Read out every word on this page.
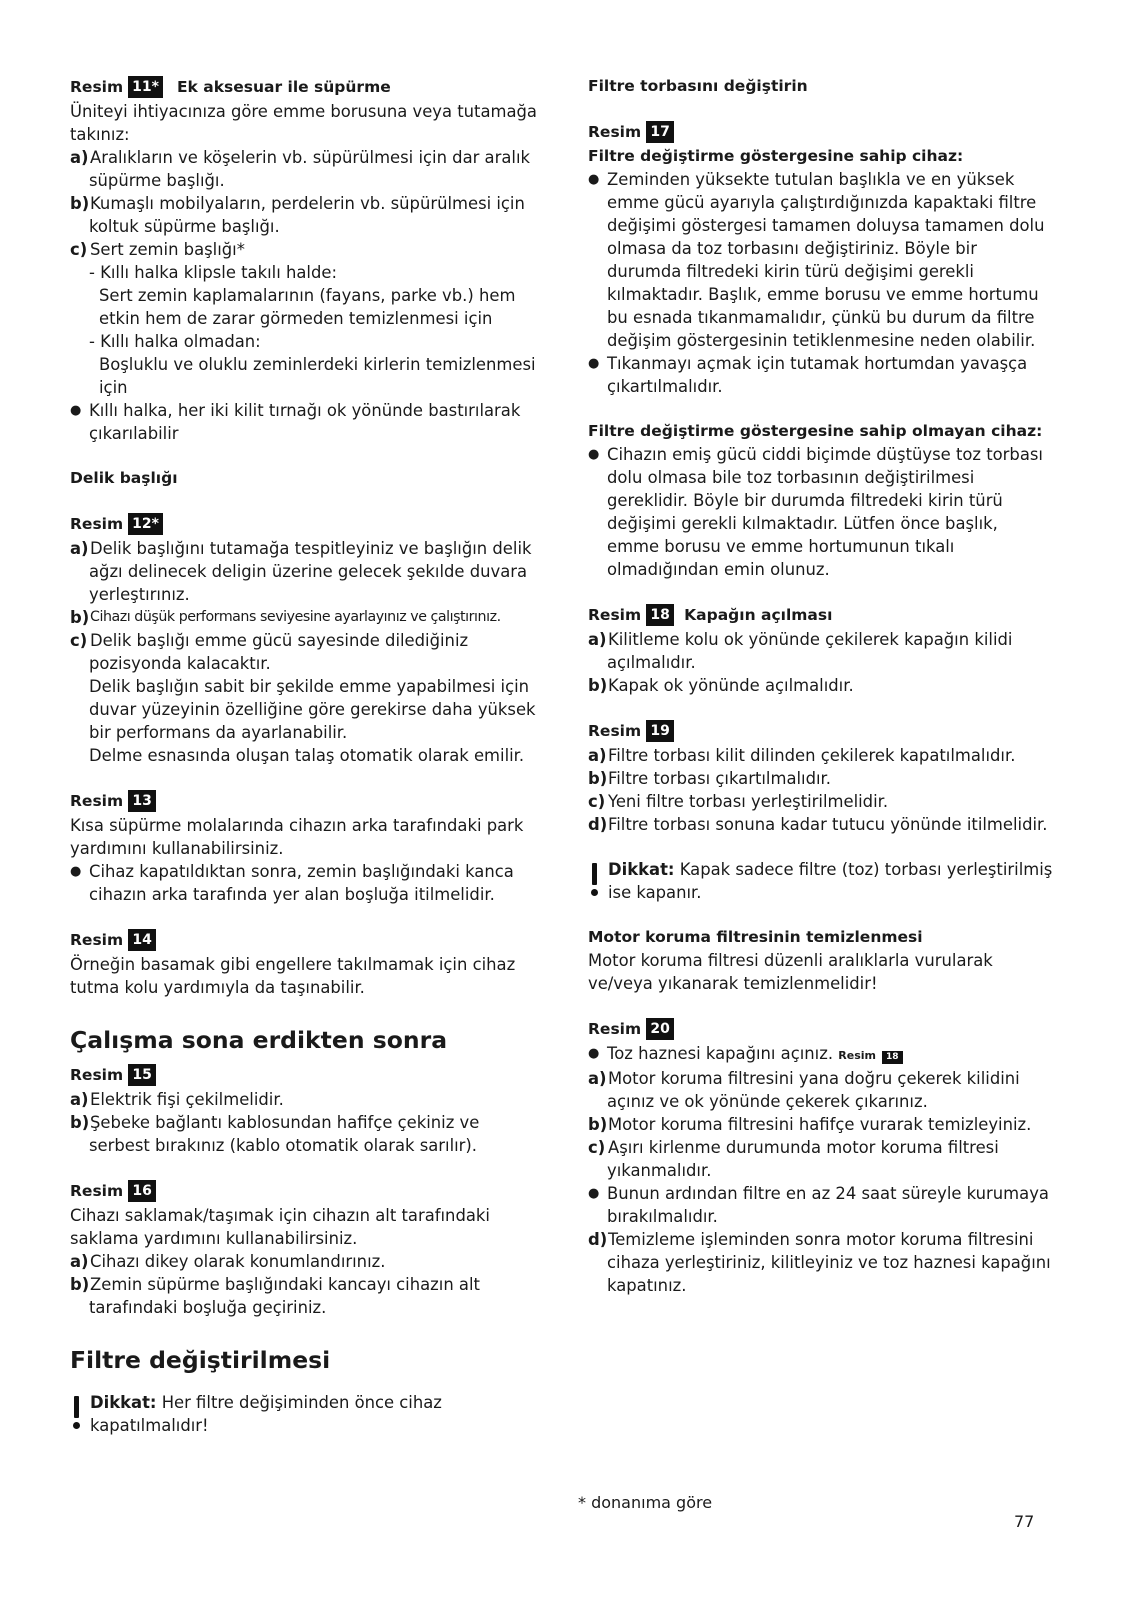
Resim 11* Ek aksesuar ile süpürme

Üniteyi ihtiyacınıza göre emme borusuna veya tutamağa

takınız:

a) Aralıkların ve köşelerin vb. süpürülmesi için dar aralık

süpürme başlığı.

b) Kumaşlı mobilyaların, perdelerin vb. süpürülmesi için

koltuk süpürme başlığı.

c) Sert zemin başlığı*

- Kıllı halka klipsle takılı halde:

Sert zemin kaplamalarının (fayans, parke vb.) hem

etkin hem de zarar görmeden temizlenmesi için

- Kıllı halka olmadan:

Boşluklu ve oluklu zeminlerdeki kirlerin temizlenmesi

için

● Kıllı halka, her iki kilit tırnağı ok yönünde bastırılarak

çıkarılabilir

Delik başlığı

Resim 12*
a) Delik başlığını tutamağa tespitleyiniz ve başlığın delik

ağzı delinecek deligin üzerine gelecek şekılde duvara

yerleştırınız.

b) Cihazı düşük performans seviyesine ayarlayınız ve çalıştırınız.
c) Delik başlığı emme gücü sayesinde dilediğiniz

pozisyonda kalacaktır.

Delik başlığın sabit bir şekilde emme yapabilmesi için

duvar yüzeyinin özelliğine göre gerekirse daha yüksek

bir performans da ayarlanabilir.

Delme esnasında oluşan talaş otomatik olarak emilir.

Resim 13

Kısa süpürme molalarında cihazın arka tarafındaki park

yardımını kullanabilirsiniz.

● Cihaz kapatıldıktan sonra, zemin başlığındaki kanca

cihazın arka tarafında yer alan boşluğa itilmelidir.

Resim 14

Örneğin basamak gibi engellere takılmamak için cihaz

tutma kolu yardımıyla da taşınabilir.

Çalışma sona erdikten sonra
Resim 15
a) Elektrik fişi çekilmelidir.
b) Şebeke bağlantı kablosundan hafifçe çekiniz ve

serbest bırakınız (kablo otomatik olarak sarılır).

Resim 16

Cihazı saklamak/taşımak için cihazın alt tarafındaki

saklama yardımını kullanabilirsiniz.

a) Cihazı dikey olarak konumlandırınız.
b) Zemin süpürme başlığındaki kancayı cihazın alt

tarafındaki boşluğa geçiriniz.

Filtre değiştirilmesi

Dikkat: Her filtre değişiminden önce cihaz

kapatılmalıdır!

Filtre torbasını değiştirin

Resim 17

Filtre değiştirme göstergesine sahip cihaz:

● Zeminden yüksekte tutulan başlıkla ve en yüksek

emme gücü ayarıyla çalıştırdığınızda kapaktaki filtre

değişimi göstergesi tamamen doluysa tamamen dolu

olmasa da toz torbasını değiştiriniz. Böyle bir

durumda filtredeki kirin türü değişimi gerekli

kılmaktadır. Başlık, emme borusu ve emme hortumu

bu esnada tıkanmamalıdır, çünkü bu durum da filtre

değişim göstergesinin tetiklenmesine neden olabilir.

● Tıkanmayı açmak için tutamak hortumdan yavaşça

çıkartılmalıdır.

Filtre değiştirme göstergesine sahip olmayan cihaz:

● Cihazın emiş gücü ciddi biçimde düştüyse toz torbası

dolu olmasa bile toz torbasının değiştirilmesi

gereklidir. Böyle bir durumda filtredeki kirin türü

değişimi gerekli kılmaktadır. Lütfen önce başlık,

emme borusu ve emme hortumunun tıkalı

olmadığından emin olunuz.

Resim 18 Kapağın açılması
a) Kilitleme kolu ok yönünde çekilerek kapağın kilidi

açılmalıdır.

b) Kapak ok yönünde açılmalıdır.
Resim 19
a) Filtre torbası kilit dilinden çekilerek kapatılmalıdır.
b) Filtre torbası çıkartılmalıdır.
c) Yeni filtre torbası yerleştirilmelidir.
d) Filtre torbası sonuna kadar tutucu yönünde itilmelidir.

Dikkat: Kapak sadece filtre (toz) torbası yerleştirilmiş

ise kapanır.

Motor koruma filtresinin temizlenmesi

Motor koruma filtresi düzenli aralıklarla vurularak

ve/veya yıkanarak temizlenmelidir!

Resim 20
● Toz haznesi kapağını açınız. Resim 18
a) Motor koruma filtresini yana doğru çekerek kilidini

açınız ve ok yönünde çekerek çıkarınız.

b) Motor koruma filtresini hafifçe vurarak temizleyiniz.
c) Aşırı kirlenme durumunda motor koruma filtresi

yıkanmalıdır.

● Bunun ardından filtre en az 24 saat süreyle kurumaya

bırakılmalıdır.

d) Temizleme işleminden sonra motor koruma filtresini

cihaza yerleştiriniz, kilitleyiniz ve toz haznesi kapağını

kapatınız.

* donanıma göre
77
